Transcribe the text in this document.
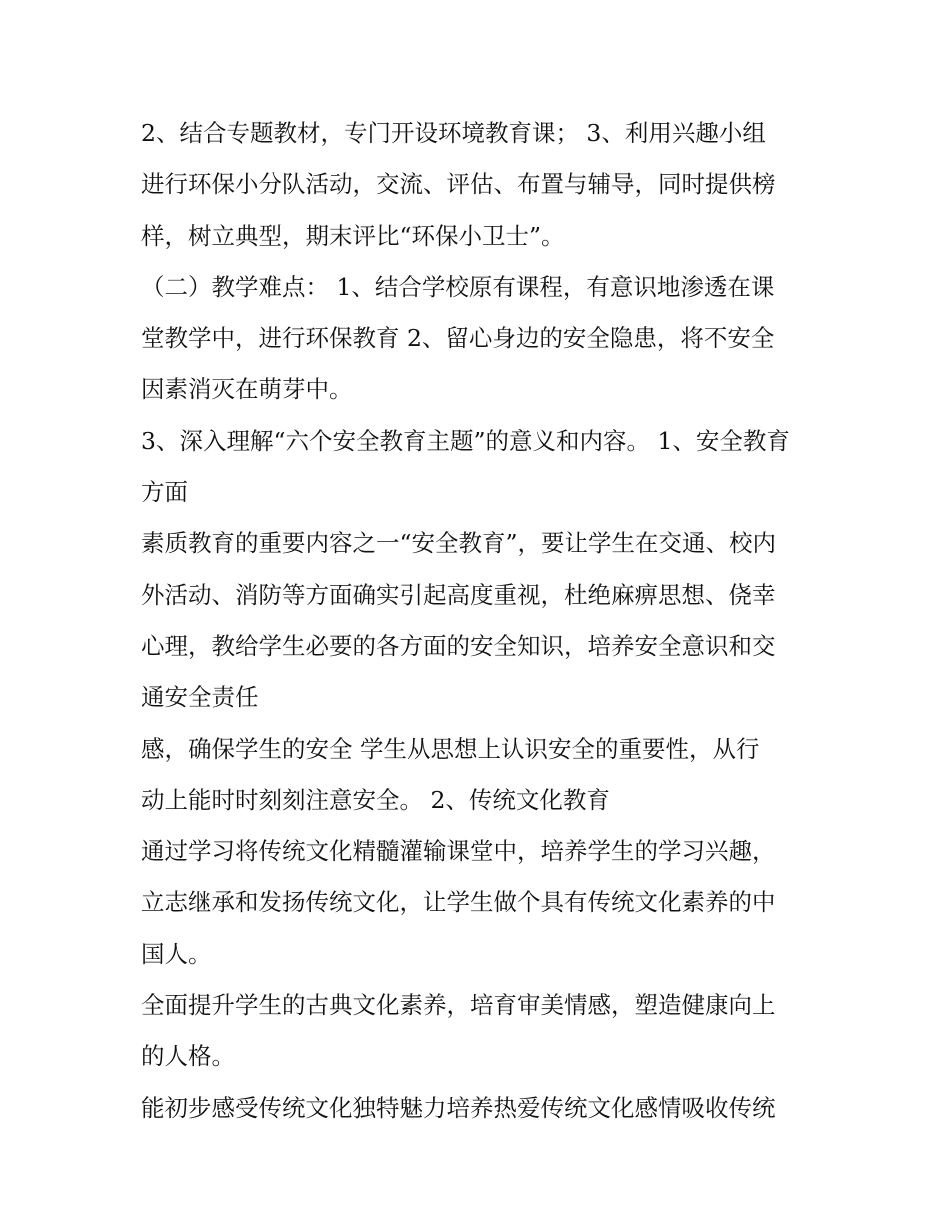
2、结合专题教材，专门开设环境教育课； 3、利用兴趣小组
进行环保小分队活动，交流、评估、布置与辅导，同时提供榜
样，树立典型，期末评比“环保小卫士”。
（二）教学难点： 1、结合学校原有课程，有意识地渗透在课
堂教学中，进行环保教育 2、留心身边的安全隐患，将不安全
因素消灭在萌芽中。
3、深入理解“六个安全教育主题”的意义和内容。 1、安全教育
方面
素质教育的重要内容之一“安全教育”，要让学生在交通、校内
外活动、消防等方面确实引起高度重视，杜绝麻痹思想、侥幸
心理，教给学生必要的各方面的安全知识，培养安全意识和交
通安全责任
感，确保学生的安全 学生从思想上认识安全的重要性，从行
动上能时时刻刻注意安全。 2、传统文化教育
通过学习将传统文化精髓灌输课堂中，培养学生的学习兴趣，
立志继承和发扬传统文化，让学生做个具有传统文化素养的中
国人。
全面提升学生的古典文化素养，培育审美情感，塑造健康向上
的人格。
能初步感受传统文化独特魅力培养热爱传统文化感情吸收传统
